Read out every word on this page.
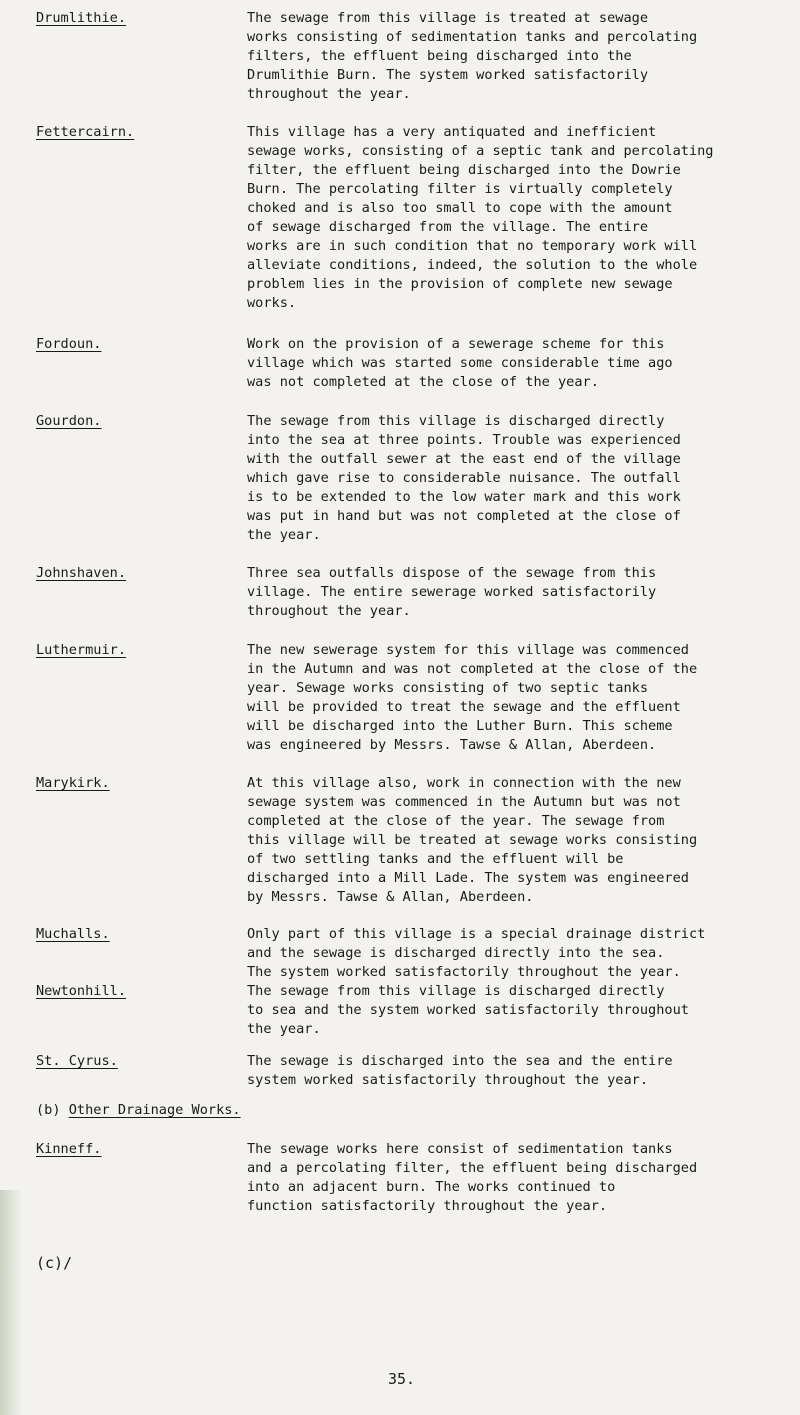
Drumlithie.	The sewage from this village is treated at sewage
works consisting of sedimentation tanks and percolating
filters, the effluent being discharged into the
Drumlithie Burn. The system worked satisfactorily
throughout the year.
Fettercairn.	This village has a very antiquated and inefficient
sewage works, consisting of a septic tank and percolating
filter, the effluent being discharged into the Dowrie
Burn. The percolating filter is virtually completely
choked and is also too small to cope with the amount
of sewage discharged from the village. The entire
works are in such condition that no temporary work will
alleviate conditions, indeed, the solution to the whole
problem lies in the provision of complete new sewage
works.
Fordoun.	Work on the provision of a sewerage scheme for this
village which was started some considerable time ago
was not completed at the close of the year.
Gourdon.	The sewage from this village is discharged directly
into the sea at three points. Trouble was experienced
with the outfall sewer at the east end of the village
which gave rise to considerable nuisance. The outfall
is to be extended to the low water mark and this work
was put in hand but was not completed at the close of
the year.
Johnshaven.	Three sea outfalls dispose of the sewage from this
village. The entire sewerage worked satisfactorily
throughout the year.
Luthermuir.	The new sewerage system for this village was commenced
in the Autumn and was not completed at the close of the
year. Sewage works consisting of two septic tanks
will be provided to treat the sewage and the effluent
will be discharged into the Luther Burn. This scheme
was engineered by Messrs. Tawse & Allan, Aberdeen.
Marykirk.	At this village also, work in connection with the new
sewage system was commenced in the Autumn but was not
completed at the close of the year. The sewage from
this village will be treated at sewage works consisting
of two settling tanks and the effluent will be
discharged into a Mill Lade. The system was engineered
by Messrs. Tawse & Allan, Aberdeen.
Muchalls.	Only part of this village is a special drainage district
and the sewage is discharged directly into the sea.
The system worked satisfactorily throughout the year.
Newtonhill.	The sewage from this village is discharged directly
to sea and the system worked satisfactorily throughout
the year.
St. Cyrus.	The sewage is discharged into the sea and the entire
system worked satisfactorily throughout the year.
(b) Other Drainage Works.
Kinneff.	The sewage works here consist of sedimentation tanks
and a percolating filter, the effluent being discharged
into an adjacent burn. The works continued to
function satisfactorily throughout the year.
(c)/
35.
